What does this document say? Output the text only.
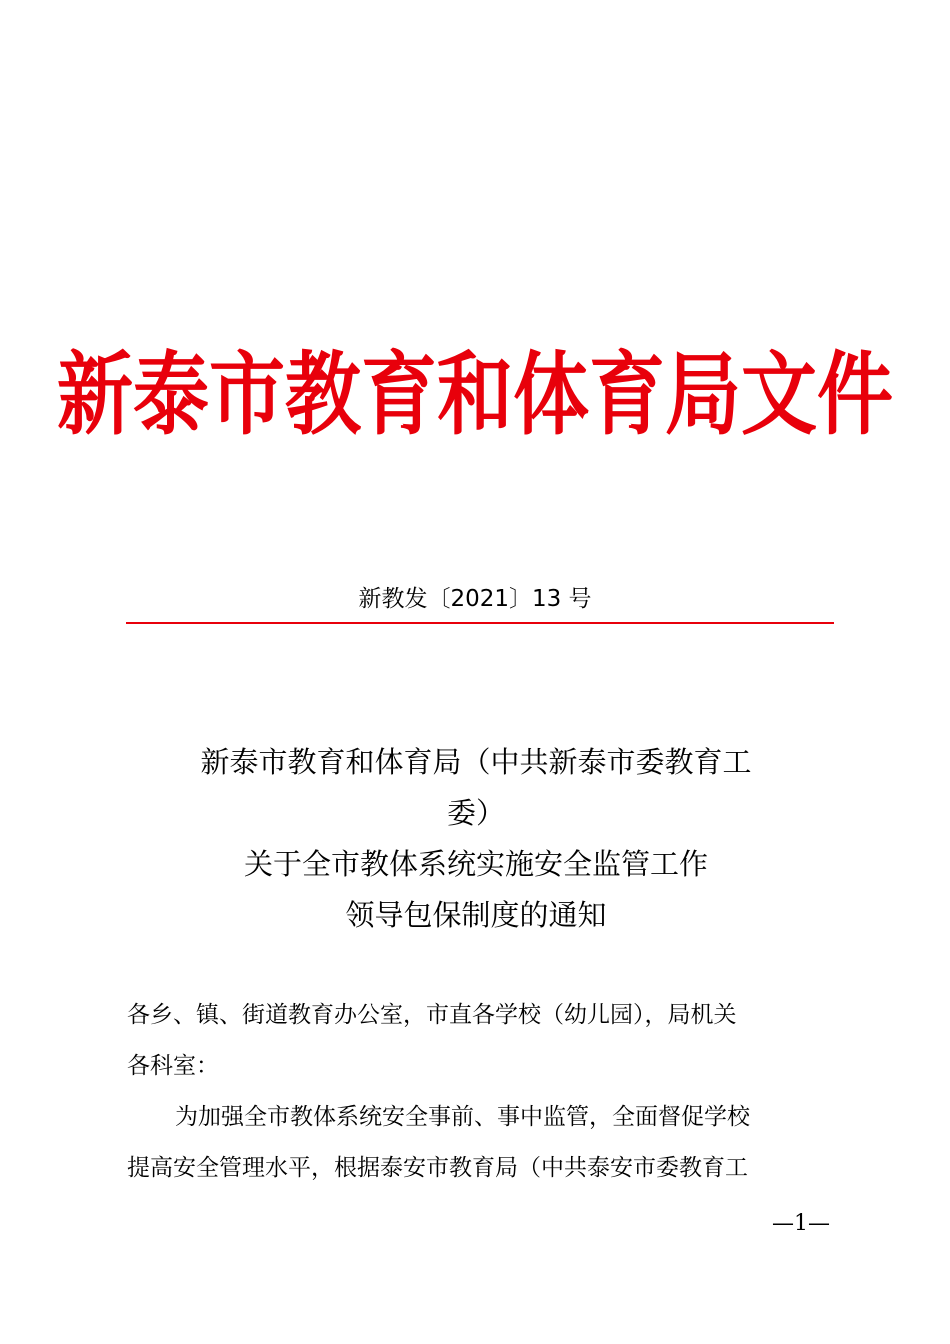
新泰市教育和体育局文件
新教发〔2021〕13 号
新泰市教育和体育局（中共新泰市委教育工
委）
关于全市教体系统实施安全监管工作
领导包保制度的通知
各乡、镇、街道教育办公室，市直各学校（幼儿园），局机关
各科室：
为加强全市教体系统安全事前、事中监管，全面督促学校
提高安全管理水平，根据泰安市教育局（中共泰安市委教育工
—1—
